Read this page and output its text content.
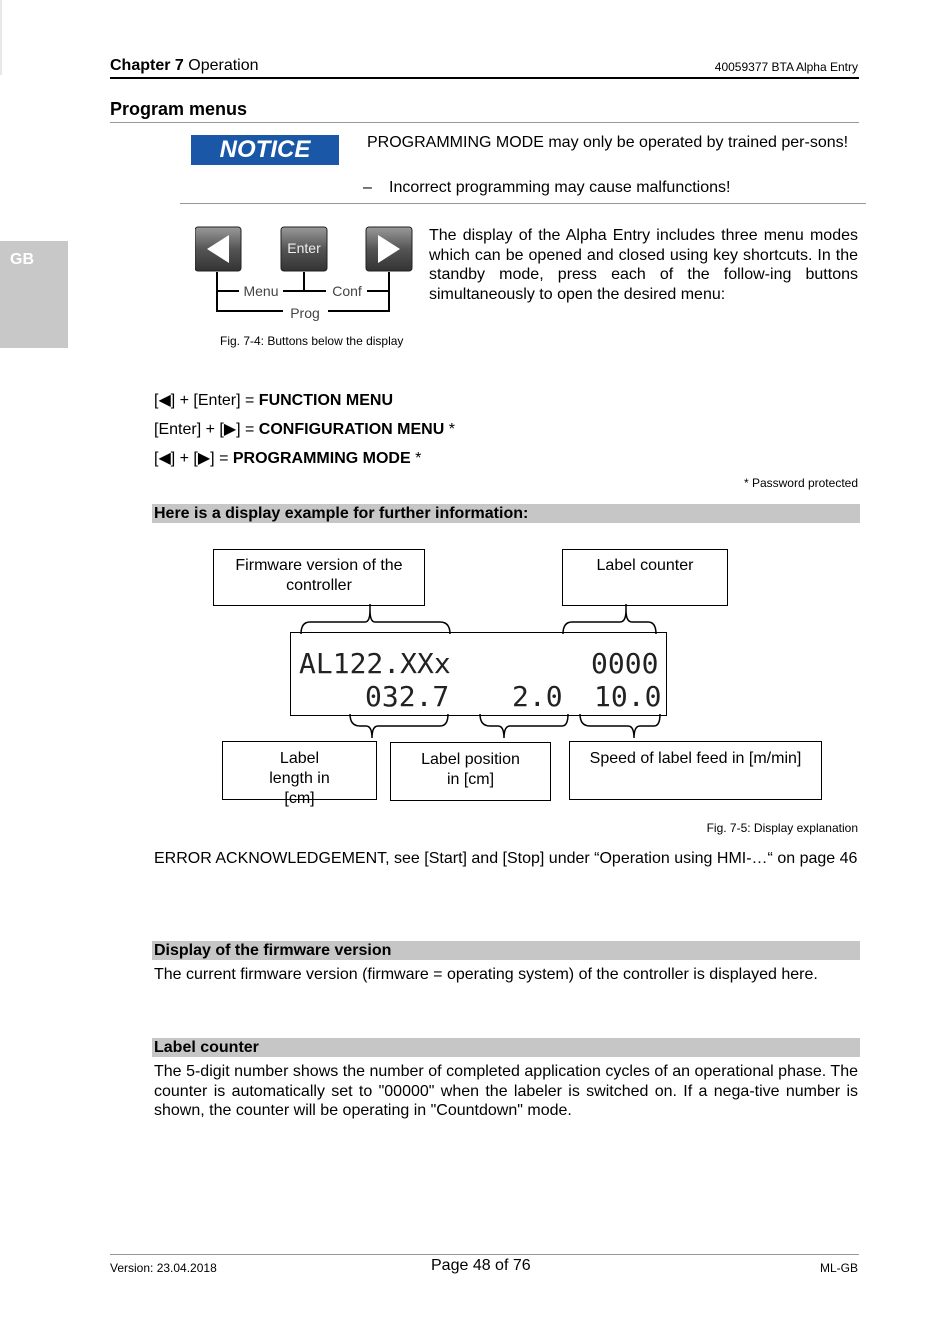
Chapter 7 Operation	40059377 BTA Alpha Entry
GB
Program menus
NOTICE	PROGRAMMING MODE may only be operated by trained per-sons!
– Incorrect programming may cause malfunctions!
Enter
Menu	Conf
Prog
The display of the Alpha Entry includes three menu modes which can be opened and closed using key shortcuts. In the standby mode, press each of the follow-ing buttons simultaneously to open the desired menu:
Fig. 7-4: Buttons below the display
[◀] + [Enter] = FUNCTION MENU
[Enter] + [▶] = CONFIGURATION MENU *
[◀] + [▶] = PROGRAMMING MODE *
* Password protected
Here is a display example for further information:
Firmware version of the controller
Label counter
AL122.XXx	0000
032.7 2.0 10.0
Label length in [cm]
Label position in [cm]
Speed of label feed in [m/min]
Fig. 7-5: Display explanation
ERROR ACKNOWLEDGEMENT, see [Start] and [Stop] under “Operation using HMI-…“ on page 46
Display of the firmware version
The current firmware version (firmware = operating system) of the controller is displayed here.
Label counter
The 5-digit number shows the number of completed application cycles of an operational phase. The counter is automatically set to "00000" when the labeler is switched on. If a nega-tive number is shown, the counter will be operating in "Countdown" mode.
Version: 23.04.2018	Page 48 of 76	ML-GB
